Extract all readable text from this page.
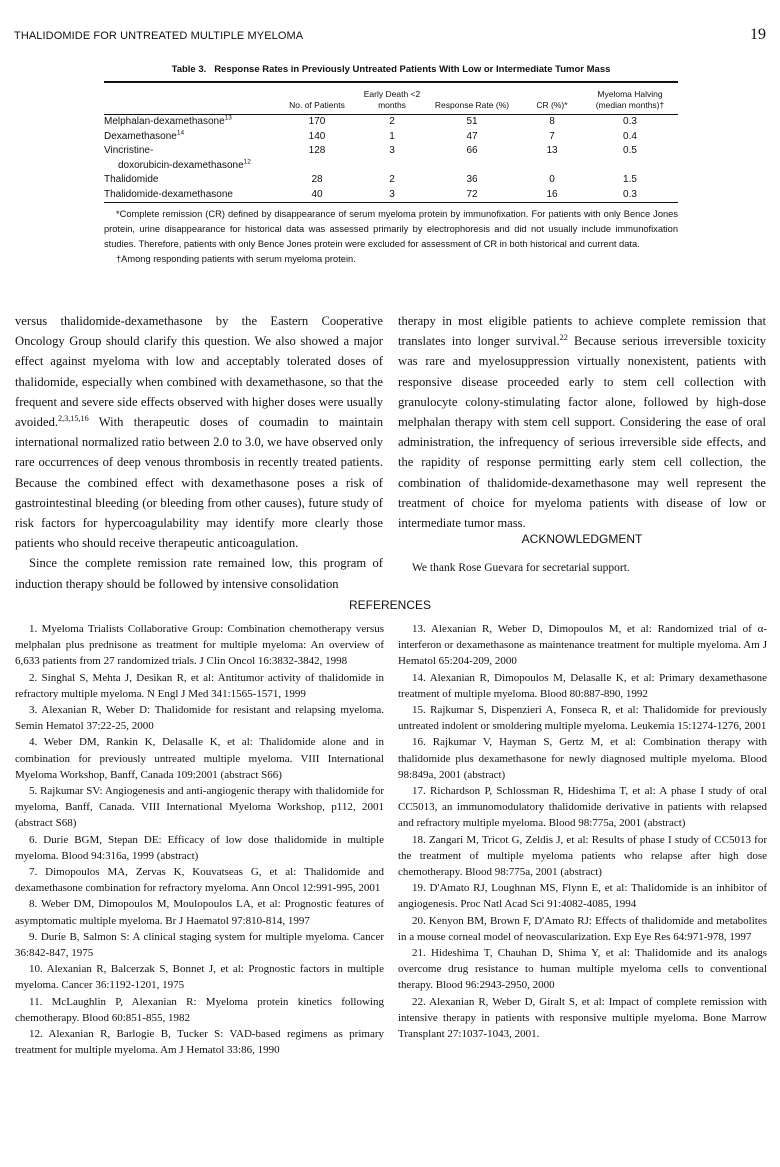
THALIDOMIDE FOR UNTREATED MULTIPLE MYELOMA	19
Table 3.   Response Rates in Previously Untreated Patients With Low or Intermediate Tumor Mass
	No. of Patients	Early Death <2 months	Response Rate (%)	CR (%)*	Myeloma Halving (median months)†
Melphalan-dexamethasone$^{13}$	170	2	51	8	0.3
Dexamethasone$^{14}$	140	1	47	7	0.4
Vincristine-
doxorubicin-dexamethasone$^{12}$	128	3	66	13	0.5
Thalidomide	28	2	36	0	1.5
Thalidomide-dexamethasone	40	3	72	16	0.3

*Complete remission (CR) defined by disappearance of serum myeloma protein by immunofixation. For patients with only Bence Jones protein, urine disappearance for historical data was assessed primarily by electrophoresis and did not usually include immunofixation studies. Therefore, patients with only Bence Jones protein were excluded for assessment of CR in both historical and current data.

†Among responding patients with serum myeloma protein.

versus thalidomide-dexamethasone by the Eastern Cooperative Oncology Group should clarify this question. We also showed a major effect against myeloma with low and acceptably tolerated doses of thalidomide, especially when combined with dexamethasone, so that the frequent and severe side effects observed with higher doses were usually avoided.$^{2,3,15,16}$ With therapeutic doses of coumadin to maintain international normalized ratio between 2.0 to 3.0, we have observed only rare occurrences of deep venous thrombosis in recently treated patients. Because the combined effect with dexamethasone poses a risk of gastrointestinal bleeding (or bleeding from other causes), future study of risk factors for hypercoagulability may identify more clearly those patients who should receive therapeutic anticoagulation.

Since the complete remission rate remained low, this program of induction therapy should be followed by intensive consolidation

therapy in most eligible patients to achieve complete remission that translates into longer survival.$^{22}$ Because serious irreversible toxicity was rare and myelosuppression virtually nonexistent, patients with responsive disease proceeded early to stem cell collection with granulocyte colony-stimulating factor alone, followed by high-dose melphalan therapy with stem cell support. Considering the ease of oral administration, the infrequency of serious irreversible side effects, and the rapidity of response permitting early stem cell collection, the combination of thalidomide-dexamethasone may well represent the treatment of choice for myeloma patients with disease of low or intermediate tumor mass.

ACKNOWLEDGMENT
We thank Rose Guevara for secretarial support.
REFERENCES

1. Myeloma Trialists Collaborative Group: Combination chemotherapy versus melphalan plus prednisone as treatment for multiple myeloma: An overview of 6,633 patients from 27 randomized trials. J Clin Oncol 16:3832-3842, 1998

2. Singhal S, Mehta J, Desikan R, et al: Antitumor activity of thalidomide in refractory multiple myeloma. N Engl J Med 341:1565-1571, 1999

3. Alexanian R, Weber D: Thalidomide for resistant and relapsing myeloma. Semin Hematol 37:22-25, 2000

4. Weber DM, Rankin K, Delasalle K, et al: Thalidomide alone and in combination for previously untreated multiple myeloma. VIII International Myeloma Workshop, Banff, Canada 109:2001 (abstract S66)

5. Rajkumar SV: Angiogenesis and anti-angiogenic therapy with thalidomide for myeloma, Banff, Canada. VIII International Myeloma Workshop, p112, 2001 (abstract S68)

6. Durie BGM, Stepan DE: Efficacy of low dose thalidomide in multiple myeloma. Blood 94:316a, 1999 (abstract)

7. Dimopoulos MA, Zervas K, Kouvatseas G, et al: Thalidomide and dexamethasone combination for refractory myeloma. Ann Oncol 12:991-995, 2001

8. Weber DM, Dimopoulos M, Moulopoulos LA, et al: Prognostic features of asymptomatic multiple myeloma. Br J Haematol 97:810-814, 1997

9. Durie B, Salmon S: A clinical staging system for multiple myeloma. Cancer 36:842-847, 1975

10. Alexanian R, Balcerzak S, Bonnet J, et al: Prognostic factors in multiple myeloma. Cancer 36:1192-1201, 1975

11. McLaughlin P, Alexanian R: Myeloma protein kinetics following chemotherapy. Blood 60:851-855, 1982

12. Alexanian R, Barlogie B, Tucker S: VAD-based regimens as primary treatment for multiple myeloma. Am J Hematol 33:86, 1990

13. Alexanian R, Weber D, Dimopoulos M, et al: Randomized trial of α-interferon or dexamethasone as maintenance treatment for multiple myeloma. Am J Hematol 65:204-209, 2000

14. Alexanian R, Dimopoulos M, Delasalle K, et al: Primary dexamethasone treatment of multiple myeloma. Blood 80:887-890, 1992

15. Rajkumar S, Dispenzieri A, Fonseca R, et al: Thalidomide for previously untreated indolent or smoldering multiple myeloma. Leukemia 15:1274-1276, 2001

16. Rajkumar V, Hayman S, Gertz M, et al: Combination therapy with thalidomide plus dexamethasone for newly diagnosed multiple myeloma. Blood 98:849a, 2001 (abstract)

17. Richardson P, Schlossman R, Hideshima T, et al: A phase I study of oral CC5013, an immunomodulatory thalidomide derivative in patients with relapsed and refractory multiple myeloma. Blood 98:775a, 2001 (abstract)

18. Zangari M, Tricot G, Zeldis J, et al: Results of phase I study of CC5013 for the treatment of multiple myeloma patients who relapse after high dose chemotherapy. Blood 98:775a, 2001 (abstract)

19. D'Amato RJ, Loughnan MS, Flynn E, et al: Thalidomide is an inhibitor of angiogenesis. Proc Natl Acad Sci 91:4082-4085, 1994

20. Kenyon BM, Brown F, D'Amato RJ: Effects of thalidomide and metabolites in a mouse corneal model of neovascularization. Exp Eye Res 64:971-978, 1997

21. Hideshima T, Chauhan D, Shima Y, et al: Thalidomide and its analogs overcome drug resistance to human multiple myeloma cells to conventional therapy. Blood 96:2943-2950, 2000

22. Alexanian R, Weber D, Giralt S, et al: Impact of complete remission with intensive therapy in patients with responsive multiple myeloma. Bone Marrow Transplant 27:1037-1043, 2001.
